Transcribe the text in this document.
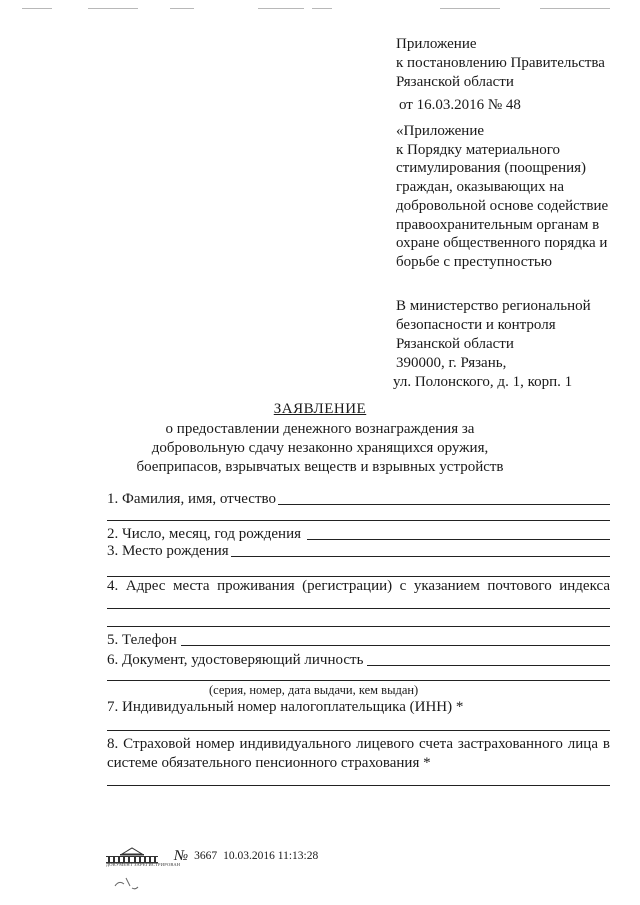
Приложение
к постановлению Правительства
Рязанской области
от 16.03.2016 № 48
«Приложение
к Порядку материального
стимулирования (поощрения)
граждан, оказывающих на
добровольной основе содействие
правоохранительным органам в
охране общественного порядка и
борьбе с преступностью
В министерство региональной
безопасности и контроля
Рязанской области
390000, г. Рязань,
ул. Полонского, д. 1, корп. 1
ЗАЯВЛЕНИЕ
о предоставлении денежного вознаграждения за
добровольную сдачу незаконно хранящихся оружия,
боеприпасов, взрывчатых веществ и взрывных устройств
1. Фамилия, имя, отчество
2. Число, месяц, год рождения
3. Место рождения
4. Адрес места проживания (регистрации) с указанием почтового индекса
5. Телефон
6. Документ, удостоверяющий личность
(серия, номер, дата выдачи, кем выдан)
7. Индивидуальный номер налогоплательщика (ИНН) *
8. Страховой номер индивидуального лицевого счета застрахованного лица в
системе обязательного пенсионного страхования *
ДОКУМЕНТ ЗАРЕГИСТРИРОВАН
№ 3667 10.03.2016 11:13:28
